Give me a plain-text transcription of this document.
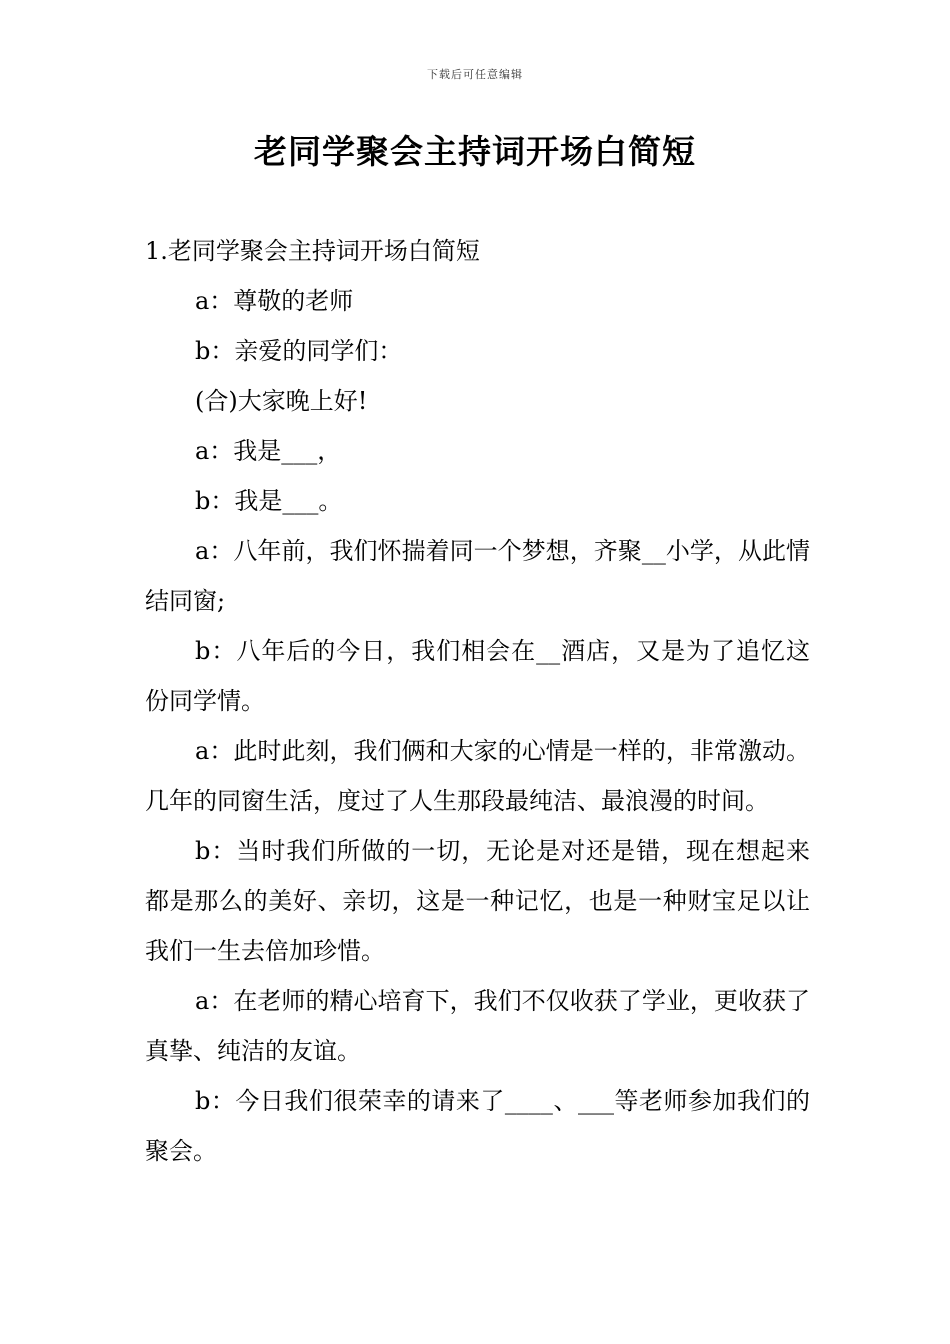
下载后可任意编辑
老同学聚会主持词开场白简短

1.老同学聚会主持词开场白简短

a：尊敬的老师

b：亲爱的同学们：

(合)大家晚上好!

a：我是___，

b：我是___。

a：八年前，我们怀揣着同一个梦想，齐聚__小学，从此情结同窗;

b：八年后的今日，我们相会在__酒店，又是为了追忆这份同学情。

a：此时此刻，我们俩和大家的心情是一样的，非常激动。几年的同窗生活，度过了人生那段最纯洁、最浪漫的时间。

b：当时我们所做的一切，无论是对还是错，现在想起来都是那么的美好、亲切，这是一种记忆，也是一种财宝足以让我们一生去倍加珍惜。

a：在老师的精心培育下，我们不仅收获了学业，更收获了真挚、纯洁的友谊。

b：今日我们很荣幸的请来了____、___等老师参加我们的聚会。
